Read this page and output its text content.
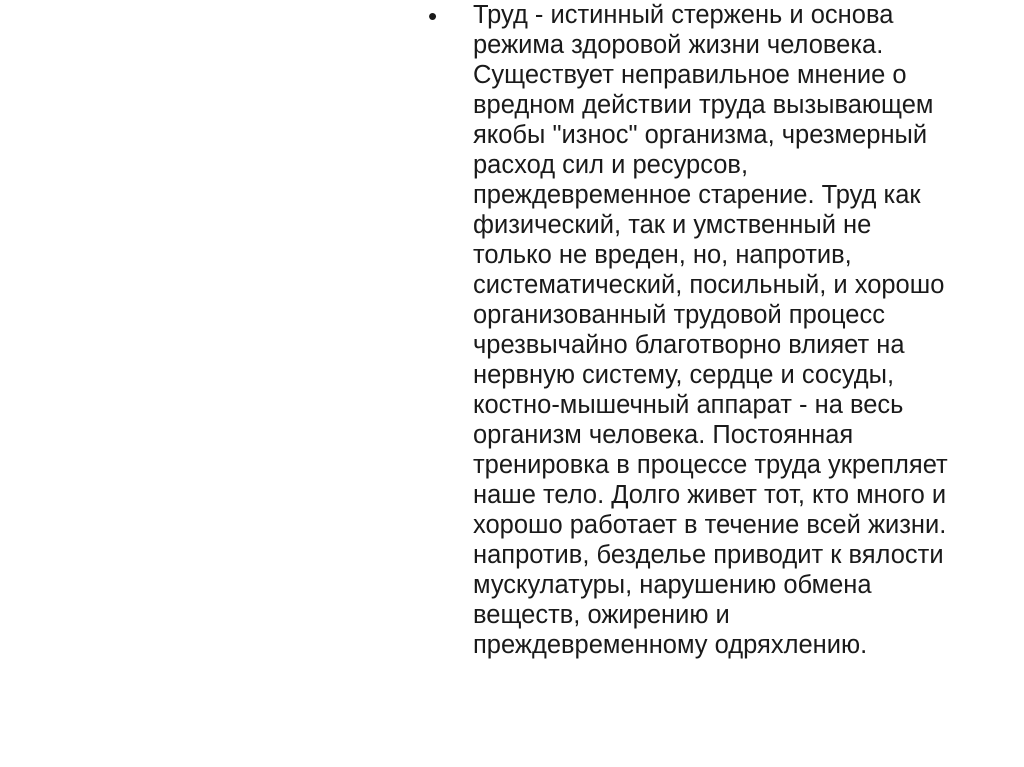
• Труд - истинный стержень и основа
режима здоровой жизни человека.
Существует неправильное мнение о
вредном действии труда вызывающем
якобы "износ" организма, чрезмерный
расход сил и ресурсов,
преждевременное старение. Труд как
физический, так и умственный не
только не вреден, но, напротив,
систематический, посильный, и хорошо
организованный трудовой процесс
чрезвычайно благотворно влияет на
нервную систему, сердце и сосуды,
костно-мышечный аппарат - на весь
организм человека. Постоянная
тренировка в процессе труда укрепляет
наше тело. Долго живет тот, кто много и
хорошо работает в течение всей жизни.
напротив, безделье приводит к вялости
мускулатуры, нарушению обмена
веществ, ожирению и
преждевременному одряхлению.
